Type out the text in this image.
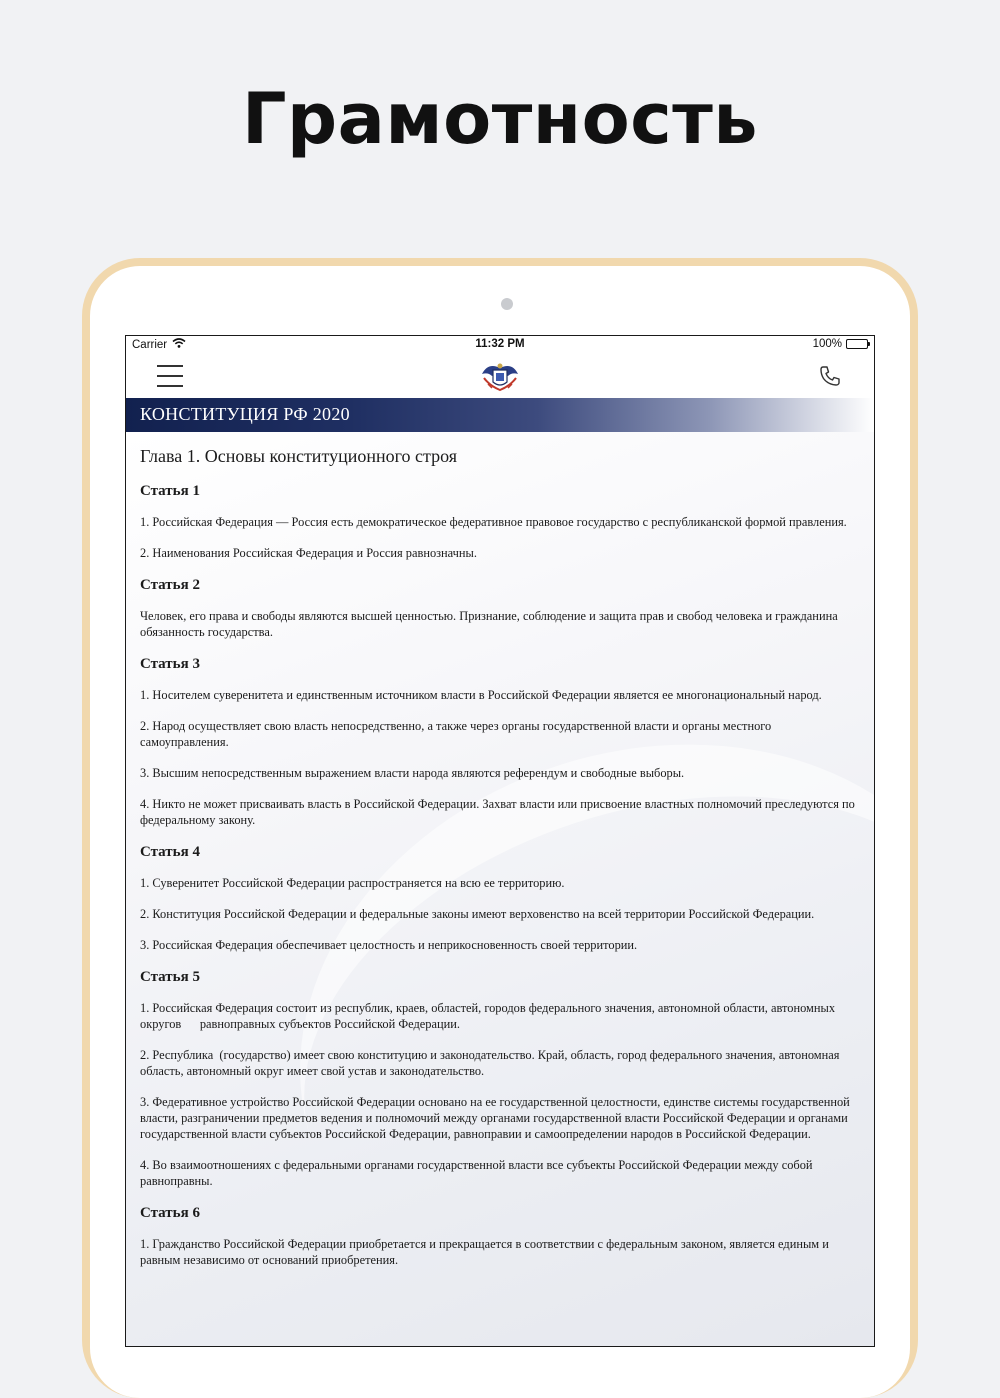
Грамотность
Carrier	11:32 PM	100%
КОНСТИТУЦИЯ РФ 2020
Глава 1. Основы конституционного строя
Статья 1

1. Российская Федерация — Россия есть демократическое федеративное правовое государство с республиканской формой правления.

2. Наименования Российская Федерация и Россия равнозначны.

Статья 2

Человек, его права и свободы являются высшей ценностью. Признание, соблюдение и защита прав и свобод человека и гражданина      обязанность государства.

Статья 3

1. Носителем суверенитета и единственным источником власти в Российской Федерации является ее многонациональный народ.

2. Народ осуществляет свою власть непосредственно, а также через органы государственной власти и органы местного самоуправления.

3. Высшим непосредственным выражением власти народа являются референдум и свободные выборы.

4. Никто не может присваивать власть в Российской Федерации. Захват власти или присвоение властных полномочий преследуются по федеральному закону.

Статья 4

1. Суверенитет Российской Федерации распространяется на всю ее территорию.

2. Конституция Российской Федерации и федеральные законы имеют верховенство на всей территории Российской Федерации.

3. Российская Федерация обеспечивает целостность и неприкосновенность своей территории.

Статья 5

1. Российская Федерация состоит из республик, краев, областей, городов федерального значения, автономной области, автономных округов      равноправных субъектов Российской Федерации.

2. Республика  (государство) имеет свою конституцию и законодательство. Край, область, город федерального значения, автономная область, автономный округ имеет свой устав и законодательство.

3. Федеративное устройство Российской Федерации основано на ее государственной целостности, единстве системы государственной власти, разграничении предметов ведения и полномочий между органами государственной власти Российской Федерации и органами государственной власти субъектов Российской Федерации, равноправии и самоопределении народов в Российской Федерации.

4. Во взаимоотношениях с федеральными органами государственной власти все субъекты Российской Федерации между собой равноправны.

Статья 6

1. Гражданство Российской Федерации приобретается и прекращается в соответствии с федеральным законом, является единым и равным независимо от оснований приобретения.
